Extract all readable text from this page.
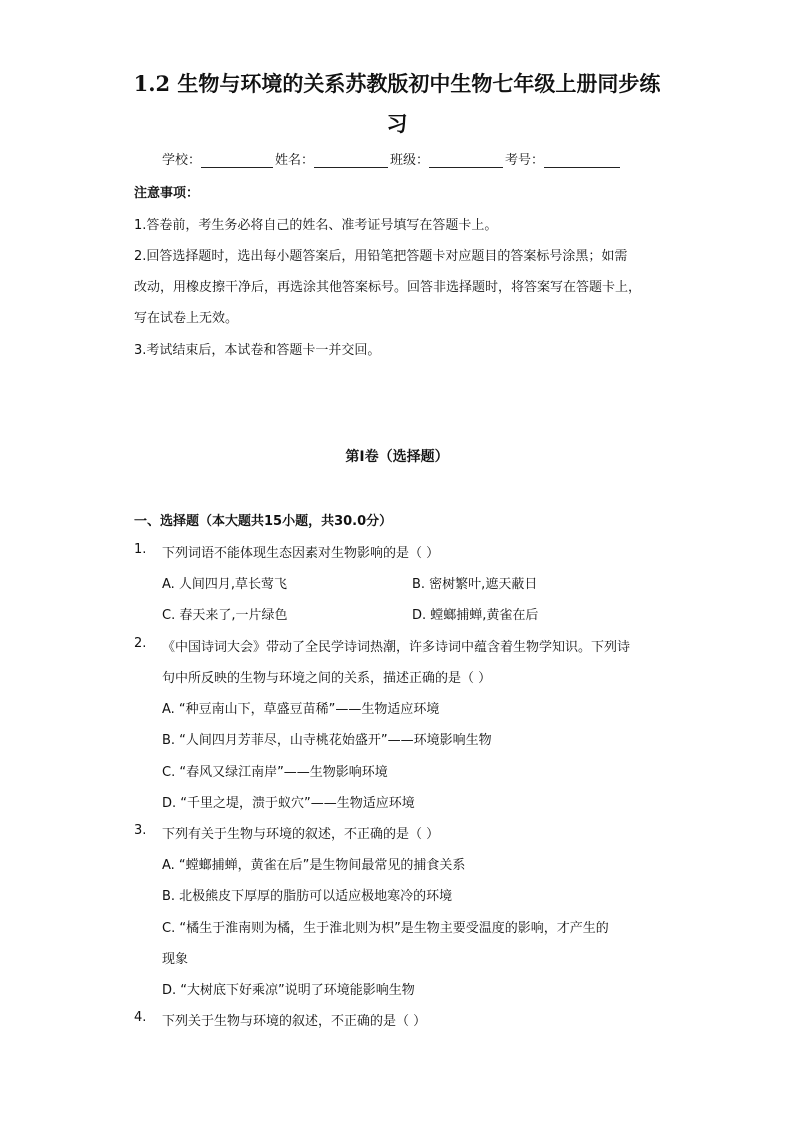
1.2 生物与环境的关系苏教版初中生物七年级上册同步练
习
学校：	姓名：	班级：	考号：
注意事项：
1.答卷前，考生务必将自己的姓名、准考证号填写在答题卡上。
2.回答选择题时，选出每小题答案后，用铅笔把答题卡对应题目的答案标号涂黑；如需
改动，用橡皮擦干净后，再选涂其他答案标号。回答非选择题时，将答案写在答题卡上，
写在试卷上无效。
3.考试结束后，本试卷和答题卡一并交回。
第I卷（选择题）
一、选择题（本大题共15小题，共30.0分）
1. 下列词语不能体现生态因素对生物影响的是（ ）
A. 人间四月,草长莺飞	B. 密树繁叶,遮天蔽日
C. 春天来了,一片绿色	D. 螳螂捕蝉,黄雀在后
2. 《中国诗词大会》带动了全民学诗词热潮，许多诗词中蕴含着生物学知识。下列诗
句中所反映的生物与环境之间的关系，描述正确的是（ ）
A. “种豆南山下，草盛豆苗稀”——生物适应环境
B. “人间四月芳菲尽，山寺桃花始盛开”——环境影响生物
C. “春风又绿江南岸”——生物影响环境
D. “千里之堤，溃于蚁穴”——生物适应环境
3. 下列有关于生物与环境的叙述，不正确的是（ ）
A. “螳螂捕蝉，黄雀在后”是生物间最常见的捕食关系
B. 北极熊皮下厚厚的脂肪可以适应极地寒冷的环境
C. “橘生于淮南则为橘，生于淮北则为枳”是生物主要受温度的影响，才产生的
现象
D. “大树底下好乘凉”说明了环境能影响生物
4. 下列关于生物与环境的叙述，不正确的是（ ）
